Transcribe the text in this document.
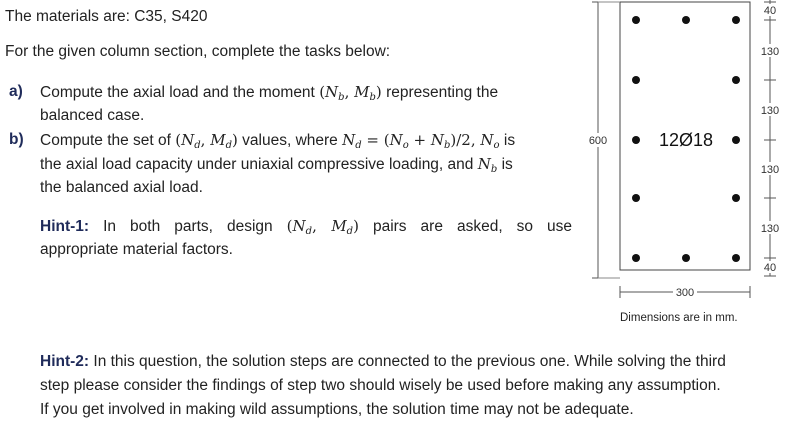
The materials are: C35, S420
For the given column section, complete the tasks below:
a) Compute the axial load and the moment ($N_b$, $M_b$) representing the
balanced case.
b) Compute the set of ($N_d$, $M_d$) values, where $N_d = (N_o + N_b)/2$, $N_o$ is
the axial load capacity under uniaxial compressive loading, and $N_b$ is
the balanced axial load.
Hint-1: In both parts, design ($N_d$, $M_d$) pairs are asked, so use
appropriate material factors.
Hint-2: In this question, the solution steps are connected to the previous one. While solving the third
step please consider the findings of step two should wisely be used before making any assumption.
If you get involved in making wild assumptions, the solution time may not be adequate.
12Ø18
600
300
40
130
130
130
130
40
Dimensions are in mm.
